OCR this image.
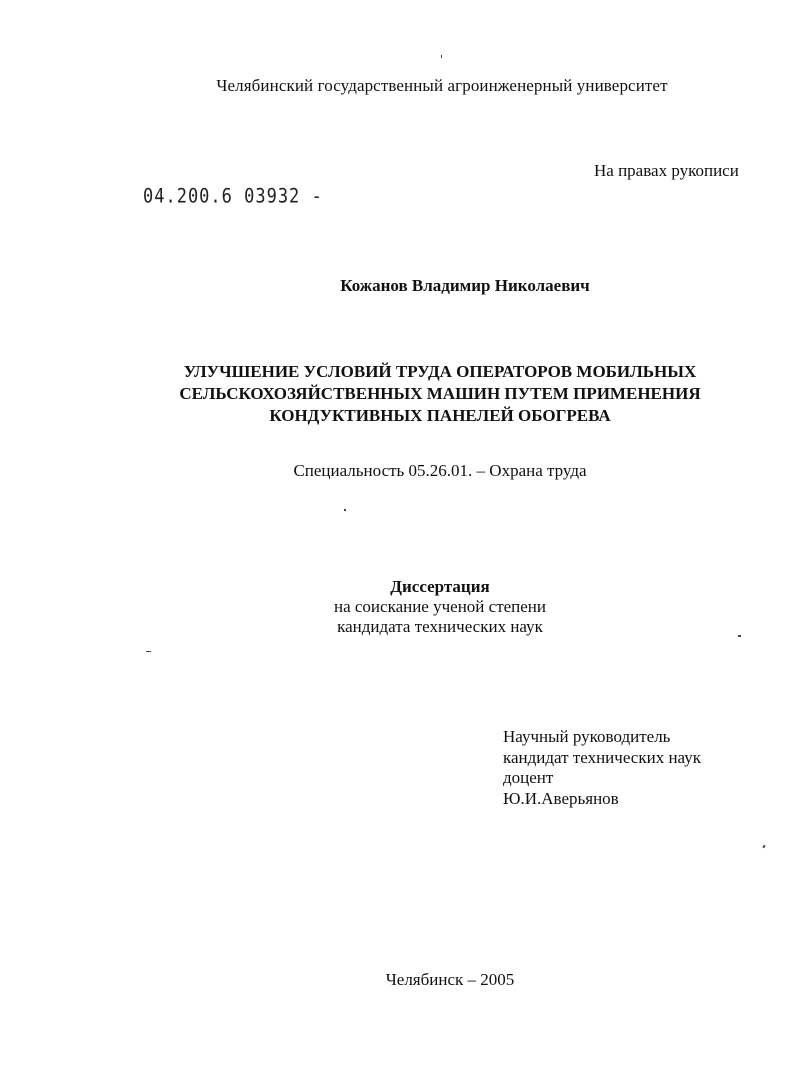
Челябинский государственный агроинженерный университет
На правах рукописи
04.200.6 03932 -
Кожанов Владимир Николаевич
УЛУЧШЕНИЕ УСЛОВИЙ ТРУДА ОПЕРАТОРОВ МОБИЛЬНЫХ
СЕЛЬСКОХОЗЯЙСТВЕННЫХ МАШИН ПУТЕМ ПРИМЕНЕНИЯ
КОНДУКТИВНЫХ ПАНЕЛЕЙ ОБОГРЕВА
Специальность 05.26.01. – Охрана труда
Диссертация
на соискание ученой степени
кандидата технических наук
Научный руководитель
кандидат технических наук
доцент
Ю.И.Аверьянов
Челябинск – 2005
